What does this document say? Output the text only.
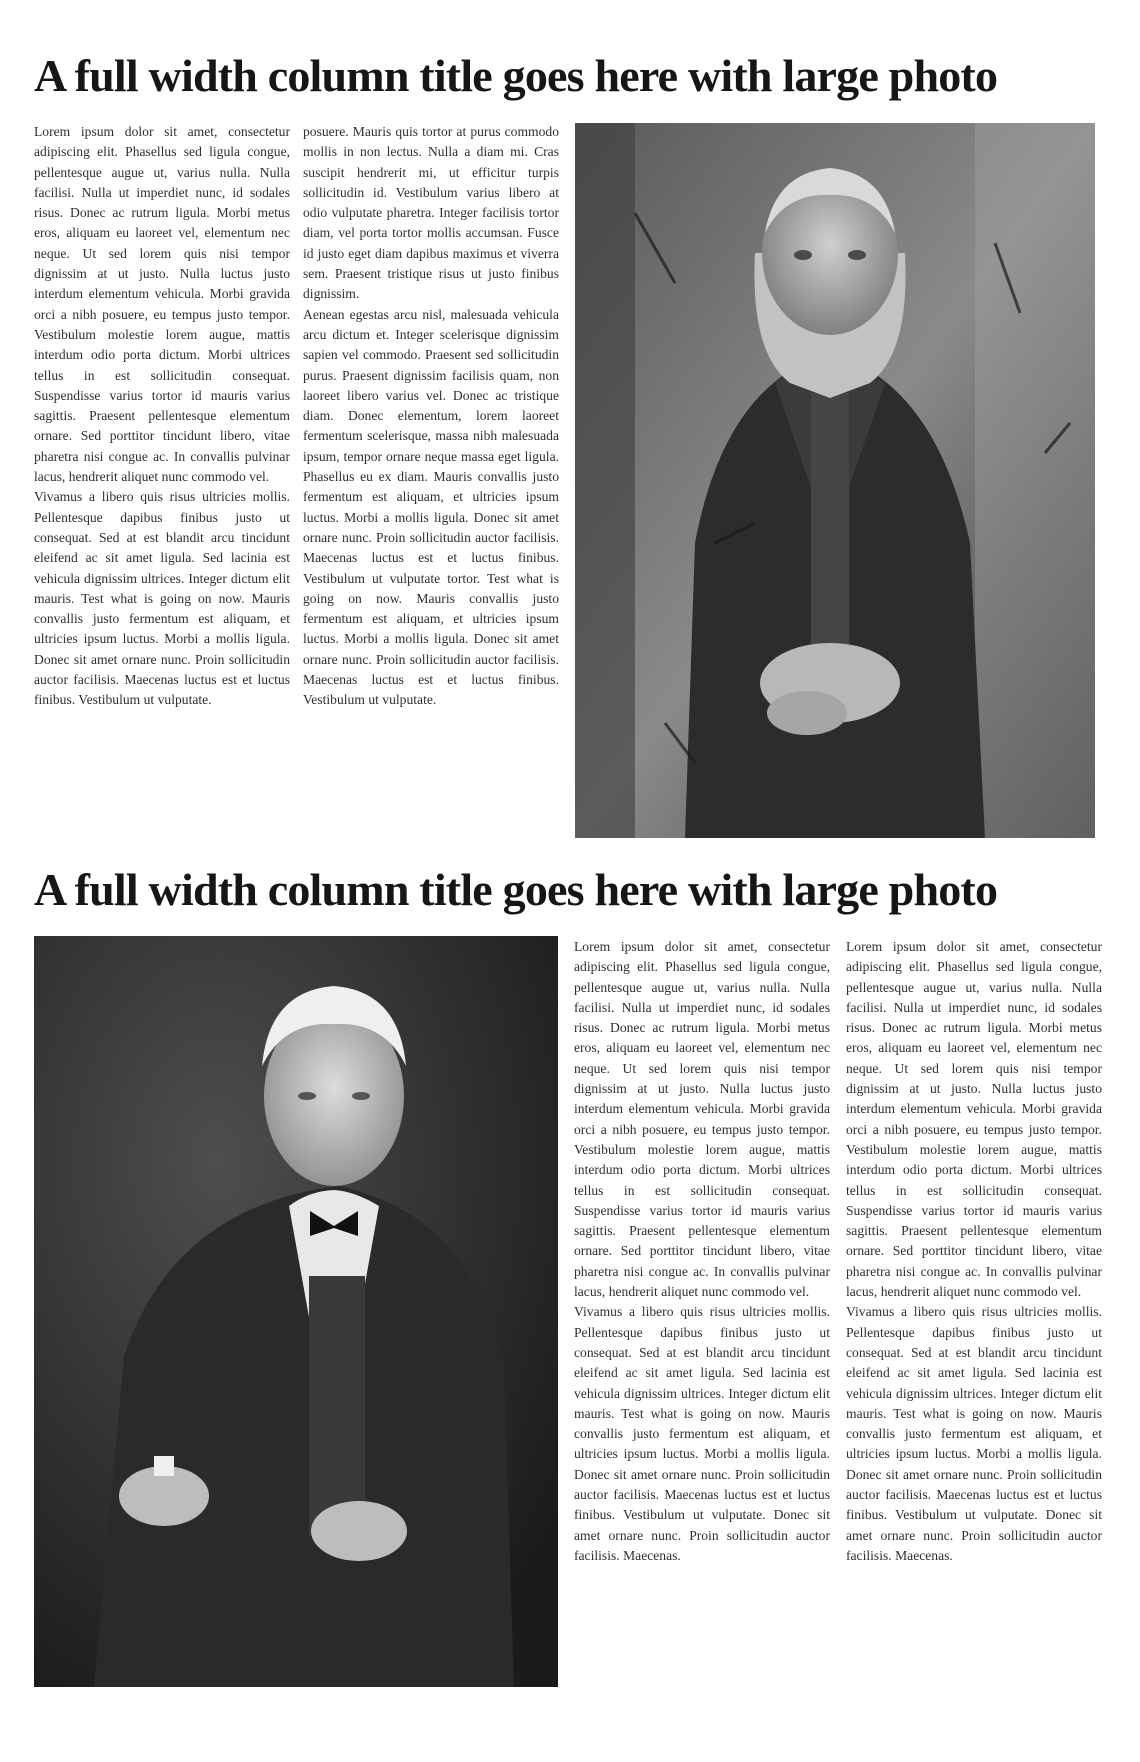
A full width column title goes here with large photo

Lorem ipsum dolor sit amet, consectetur adipiscing elit. Phasellus sed ligula congue, pellentesque augue ut, varius nulla. Nulla facilisi. Nulla ut imperdiet nunc, id sodales risus. Donec ac rutrum ligula. Morbi metus eros, aliquam eu laoreet vel, elementum nec neque. Ut sed lorem quis nisi tempor dignissim at ut justo. Nulla luctus justo interdum elementum vehicula. Morbi gravida orci a nibh posuere, eu tempus justo tempor. Vestibulum molestie lorem augue, mattis interdum odio porta dictum. Morbi ultrices tellus in est sollicitudin consequat. Suspendisse varius tortor id mauris varius sagittis. Praesent pellentesque elementum ornare. Sed porttitor tincidunt libero, vitae pharetra nisi congue ac. In convallis pulvinar lacus, hendrerit aliquet nunc commodo vel.

Vivamus a libero quis risus ultricies mollis. Pellentesque dapibus finibus justo ut consequat. Sed at est blandit arcu tincidunt eleifend ac sit amet ligula. Sed lacinia est vehicula dignissim ultrices. Integer dictum elit mauris. Test what is going on now. Mauris convallis justo fermentum est aliquam, et ultricies ipsum luctus. Morbi a mollis ligula. Donec sit amet ornare nunc. Proin sollicitudin auctor facilisis. Maecenas luctus est et luctus finibus. Vestibulum ut vulputate.

posuere. Mauris quis tortor at purus commodo mollis in non lectus. Nulla a diam mi. Cras suscipit hendrerit mi, ut efficitur turpis sollicitudin id. Vestibulum varius libero at odio vulputate pharetra. Integer facilisis tortor diam, vel porta tortor mollis accumsan. Fusce id justo eget diam dapibus maximus et viverra sem. Praesent tristique risus ut justo finibus dignissim.

Aenean egestas arcu nisl, malesuada vehicula arcu dictum et. Integer scelerisque dignissim sapien vel commodo. Praesent sed sollicitudin purus. Praesent dignissim facilisis quam, non laoreet libero varius vel. Donec ac tristique diam. Donec elementum, lorem laoreet fermentum scelerisque, massa nibh malesuada ipsum, tempor ornare neque massa eget ligula. Phasellus eu ex diam. Mauris convallis justo fermentum est aliquam, et ultricies ipsum luctus. Morbi a mollis ligula. Donec sit amet ornare nunc. Proin sollicitudin auctor facilisis. Maecenas luctus est et luctus finibus. Vestibulum ut vulputate tortor. Test what is going on now. Mauris convallis justo fermentum est aliquam, et ultricies ipsum luctus. Morbi a mollis ligula. Donec sit amet ornare nunc. Proin sollicitudin auctor facilisis. Maecenas luctus est et luctus finibus. Vestibulum ut vulputate.

A full width column title goes here with large photo

Lorem ipsum dolor sit amet, consectetur adipiscing elit. Phasellus sed ligula congue, pellentesque augue ut, varius nulla. Nulla facilisi. Nulla ut imperdiet nunc, id sodales risus. Donec ac rutrum ligula. Morbi metus eros, aliquam eu laoreet vel, elementum nec neque. Ut sed lorem quis nisi tempor dignissim at ut justo. Nulla luctus justo interdum elementum vehicula. Morbi gravida orci a nibh posuere, eu tempus justo tempor. Vestibulum molestie lorem augue, mattis interdum odio porta dictum. Morbi ultrices tellus in est sollicitudin consequat. Suspendisse varius tortor id mauris varius sagittis. Praesent pellentesque elementum ornare. Sed porttitor tincidunt libero, vitae pharetra nisi congue ac. In convallis pulvinar lacus, hendrerit aliquet nunc commodo vel.

Vivamus a libero quis risus ultricies mollis. Pellentesque dapibus finibus justo ut consequat. Sed at est blandit arcu tincidunt eleifend ac sit amet ligula. Sed lacinia est vehicula dignissim ultrices. Integer dictum elit mauris. Test what is going on now. Mauris convallis justo fermentum est aliquam, et ultricies ipsum luctus. Morbi a mollis ligula. Donec sit amet ornare nunc. Proin sollicitudin auctor facilisis. Maecenas luctus est et luctus finibus. Vestibulum ut vulputate. Donec sit amet ornare nunc. Proin sollicitudin auctor facilisis. Maecenas.

Lorem ipsum dolor sit amet, consectetur adipiscing elit. Phasellus sed ligula congue, pellentesque augue ut, varius nulla. Nulla facilisi. Nulla ut imperdiet nunc, id sodales risus. Donec ac rutrum ligula. Morbi metus eros, aliquam eu laoreet vel, elementum nec neque. Ut sed lorem quis nisi tempor dignissim at ut justo. Nulla luctus justo interdum elementum vehicula. Morbi gravida orci a nibh posuere, eu tempus justo tempor. Vestibulum molestie lorem augue, mattis interdum odio porta dictum. Morbi ultrices tellus in est sollicitudin consequat. Suspendisse varius tortor id mauris varius sagittis. Praesent pellentesque elementum ornare. Sed porttitor tincidunt libero, vitae pharetra nisi congue ac. In convallis pulvinar lacus, hendrerit aliquet nunc commodo vel.

Vivamus a libero quis risus ultricies mollis. Pellentesque dapibus finibus justo ut consequat. Sed at est blandit arcu tincidunt eleifend ac sit amet ligula. Sed lacinia est vehicula dignissim ultrices. Integer dictum elit mauris. Test what is going on now. Mauris convallis justo fermentum est aliquam, et ultricies ipsum luctus. Morbi a mollis ligula. Donec sit amet ornare nunc. Proin sollicitudin auctor facilisis. Maecenas luctus est et luctus finibus. Vestibulum ut vulputate. Donec sit amet ornare nunc. Proin sollicitudin auctor facilisis. Maecenas.
